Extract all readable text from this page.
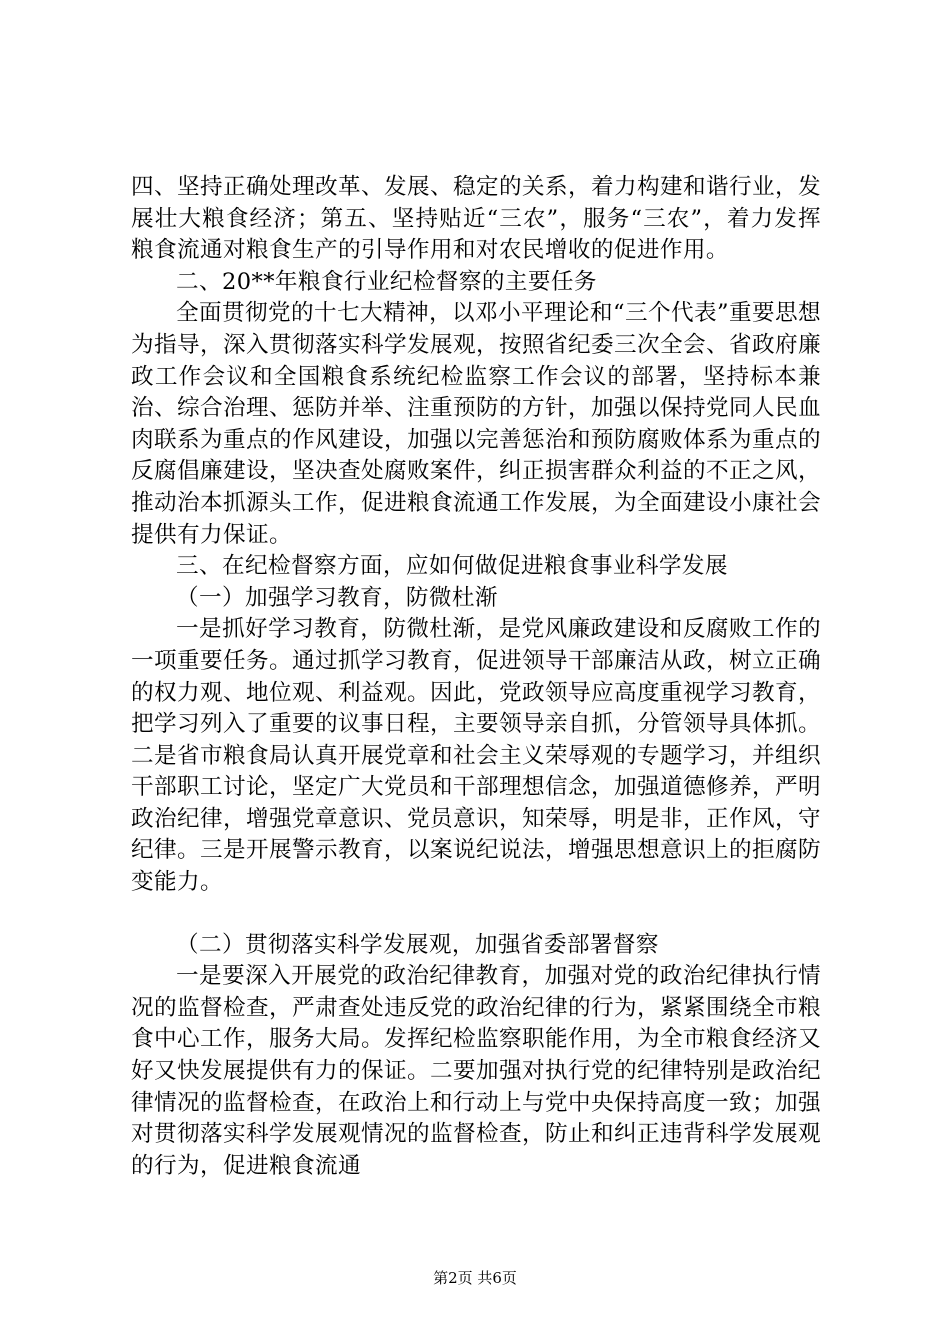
四、坚持正确处理改革、发展、稳定的关系，着力构建和谐行业，发展壮大粮食经济；第五、坚持贴近“三农”，服务“三农”，着力发挥粮食流通对粮食生产的引导作用和对农民增收的促进作用。

二、20**年粮食行业纪检督察的主要任务

全面贯彻党的十七大精神，以邓小平理论和“三个代表”重要思想为指导，深入贯彻落实科学发展观，按照省纪委三次全会、省政府廉政工作会议和全国粮食系统纪检监察工作会议的部署，坚持标本兼治、综合治理、惩防并举、注重预防的方针，加强以保持党同人民血肉联系为重点的作风建设，加强以完善惩治和预防腐败体系为重点的反腐倡廉建设，坚决查处腐败案件，纠正损害群众利益的不正之风，推动治本抓源头工作，促进粮食流通工作发展，为全面建设小康社会提供有力保证。

三、在纪检督察方面，应如何做促进粮食事业科学发展

（一）加强学习教育，防微杜渐

一是抓好学习教育，防微杜渐，是党风廉政建设和反腐败工作的一项重要任务。通过抓学习教育，促进领导干部廉洁从政，树立正确的权力观、地位观、利益观。因此，党政领导应高度重视学习教育，把学习列入了重要的议事日程，主要领导亲自抓，分管领导具体抓。二是省市粮食局认真开展党章和社会主义荣辱观的专题学习，并组织干部职工讨论，坚定广大党员和干部理想信念，加强道德修养，严明政治纪律，增强党章意识、党员意识，知荣辱，明是非，正作风，守纪律。三是开展警示教育，以案说纪说法，增强思想意识上的拒腐防变能力。

（二）贯彻落实科学发展观，加强省委部署督察

一是要深入开展党的政治纪律教育，加强对党的政治纪律执行情况的监督检查，严肃查处违反党的政治纪律的行为，紧紧围绕全市粮食中心工作，服务大局。发挥纪检监察职能作用，为全市粮食经济又好又快发展提供有力的保证。二要加强对执行党的纪律特别是政治纪律情况的监督检查，在政治上和行动上与党中央保持高度一致；加强对贯彻落实科学发展观情况的监督检查，防止和纠正违背科学发展观的行为，促进粮食流通

第2页 共6页
